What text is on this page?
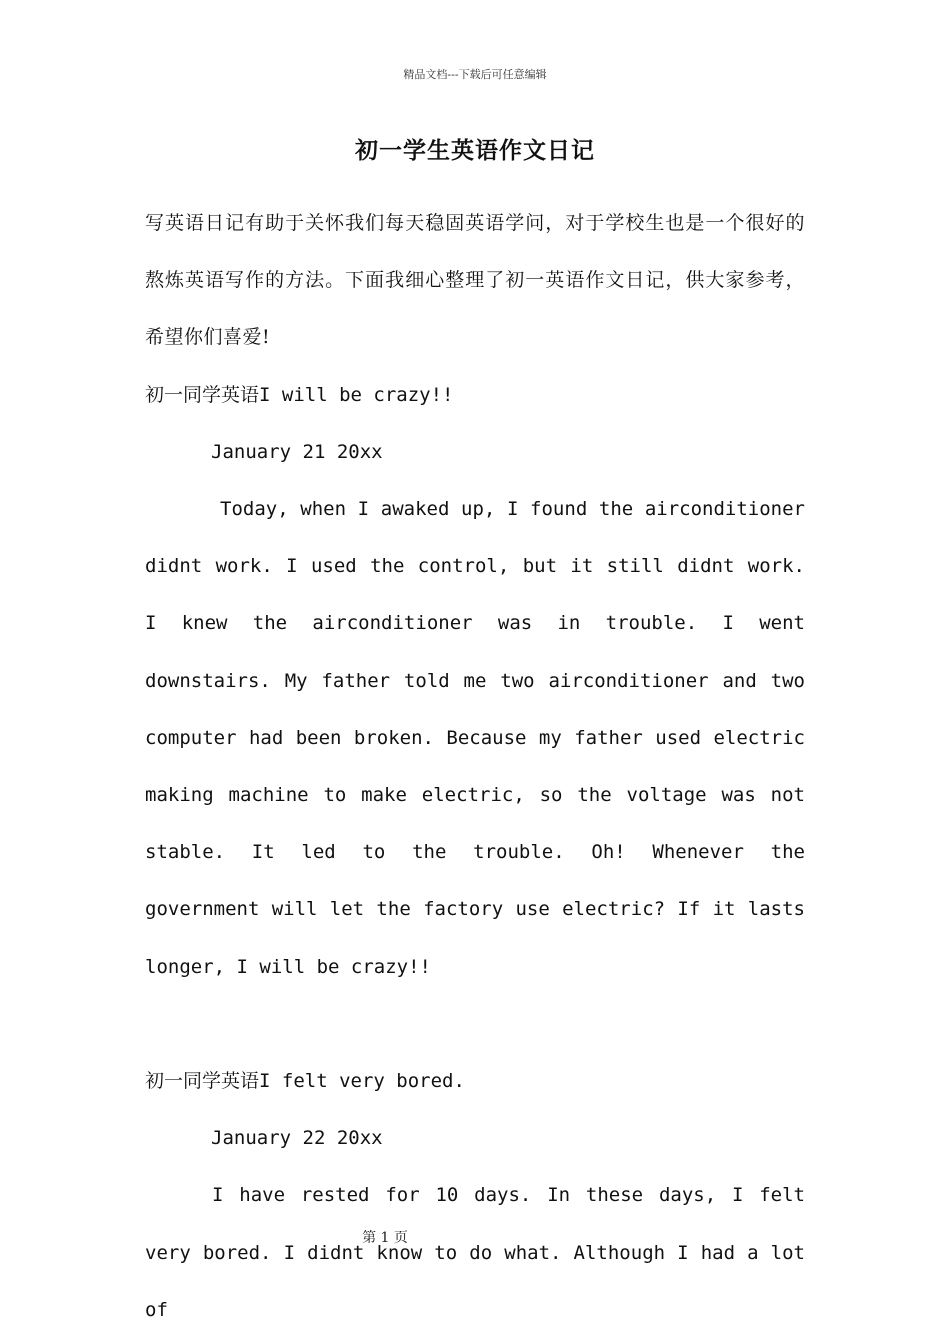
精品文档---下载后可任意编辑
初一学生英语作文日记

写英语日记有助于关怀我们每天稳固英语学问，对于学校生也是一个很好的熬炼英语写作的方法。下面我细心整理了初一英语作文日记，供大家参考，希望你们喜爱!

初一同学英语I will be crazy!!

January 21 20xx

Today, when I awaked up, I found the airconditioner didnt work. I used the control, but it still didnt work. I knew the airconditioner was in trouble. I went downstairs. My father told me two airconditioner and two computer had been broken. Because my father used electric making machine to make electric, so the voltage was not stable. It led to the trouble. Oh! Whenever the government will let the factory use electric? If it lasts longer, I will be crazy!!

初一同学英语I felt very bored.

January 22 20xx

I have rested for 10 days. In these days, I felt very bored. I didnt know to do what. Although I had a lot of

第 1 页
